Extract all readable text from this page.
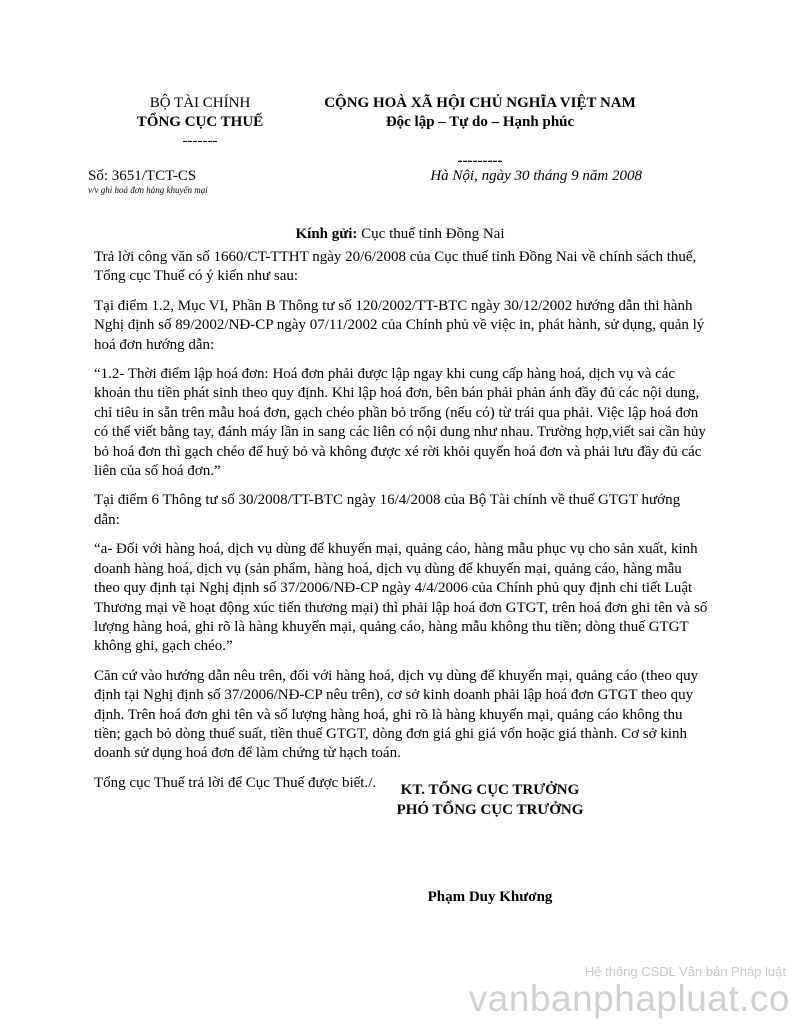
BỘ TÀI CHÍNH
TỔNG CỤC THUẾ
-------
CỘNG HOÀ XÃ HỘI CHỦ NGHĨA VIỆT NAM
Độc lập – Tự do – Hạnh phúc
---------
Số: 3651/TCT-CS
v/v ghi hoá đơn hàng khuyến mại
Hà Nội, ngày 30 tháng 9 năm 2008
Kính gửi: Cục thuế tỉnh Đồng Nai

Trả lời công văn số 1660/CT-TTHT ngày 20/6/2008 của Cục thuế tỉnh Đồng Nai về chính sách thuế, Tổng cục Thuế có ý kiến như sau:

Tại điểm 1.2, Mục VI, Phần B Thông tư số 120/2002/TT-BTC ngày 30/12/2002 hướng dẫn thi hành Nghị định số 89/2002/NĐ-CP ngày 07/11/2002 của Chính phủ về việc in, phát hành, sử dụng, quản lý hoá đơn hướng dẫn:

“1.2- Thời điểm lập hoá đơn: Hoá đơn phải được lập ngay khi cung cấp hàng hoá, dịch vụ và các khoản thu tiền phát sinh theo quy định. Khi lập hoá đơn, bên bán phải phản ánh đầy đủ các nội dung, chỉ tiêu in sẵn trên mẫu hoá đơn, gạch chéo phần bỏ trống (nếu có) từ trái qua phải. Việc lập hoá đơn có thể viết bằng tay, đánh máy lần in sang các liên có nội dung như nhau. Trường hợp,viết sai cần hủy bỏ hoá đơn thì gạch chéo để huỷ bỏ và không được xé rời khỏi quyển hoá đơn và phải lưu đầy đủ các liên của số hoá đơn.”

Tại điểm 6 Thông tư số 30/2008/TT-BTC ngày 16/4/2008 của Bộ Tài chính về thuế GTGT hướng dẫn:

“a- Đối với hàng hoá, dịch vụ dùng để khuyến mại, quảng cáo, hàng mẫu phục vụ cho sản xuất, kinh doanh hàng hoá, dịch vụ (sản phẩm, hàng hoá, dịch vụ dùng để khuyến mại, quảng cáo, hàng mẫu theo quy định tại Nghị định số 37/2006/NĐ-CP ngày 4/4/2006 của Chính phủ quy định chi tiết Luật Thương mại về hoạt động xúc tiến thương mại) thì phải lập hoá đơn GTGT, trên hoá đơn ghi tên và số lượng hàng hoá, ghi rõ là hàng khuyến mại, quảng cáo, hàng mẫu không thu tiền; dòng thuế GTGT không ghi, gạch chéo.”

Căn cứ vào hướng dẫn nêu trên, đối với hàng hoá, dịch vụ dùng để khuyến mại, quảng cáo (theo quy định tại Nghị định số 37/2006/NĐ-CP nêu trên), cơ sở kinh doanh phải lập hoá đơn GTGT theo quy định. Trên hoá đơn ghi tên và số lượng hàng hoá, ghi rõ là hàng khuyến mại, quảng cáo không thu tiền; gạch bỏ dòng thuế suất, tiền thuế GTGT, dòng đơn giá ghi giá vốn hoặc giá thành. Cơ sở kinh doanh sử dụng hoá đơn để làm chứng từ hạch toán.

Tổng cục Thuế trả lời để Cục Thuế được biết./.	KT. TỔNG CỤC TRƯỞNG
PHÓ TỔNG CỤC TRƯỞNG
Phạm Duy Khương
Hệ thống CSDL Văn bản Pháp luật
vanbanphapluat.co
